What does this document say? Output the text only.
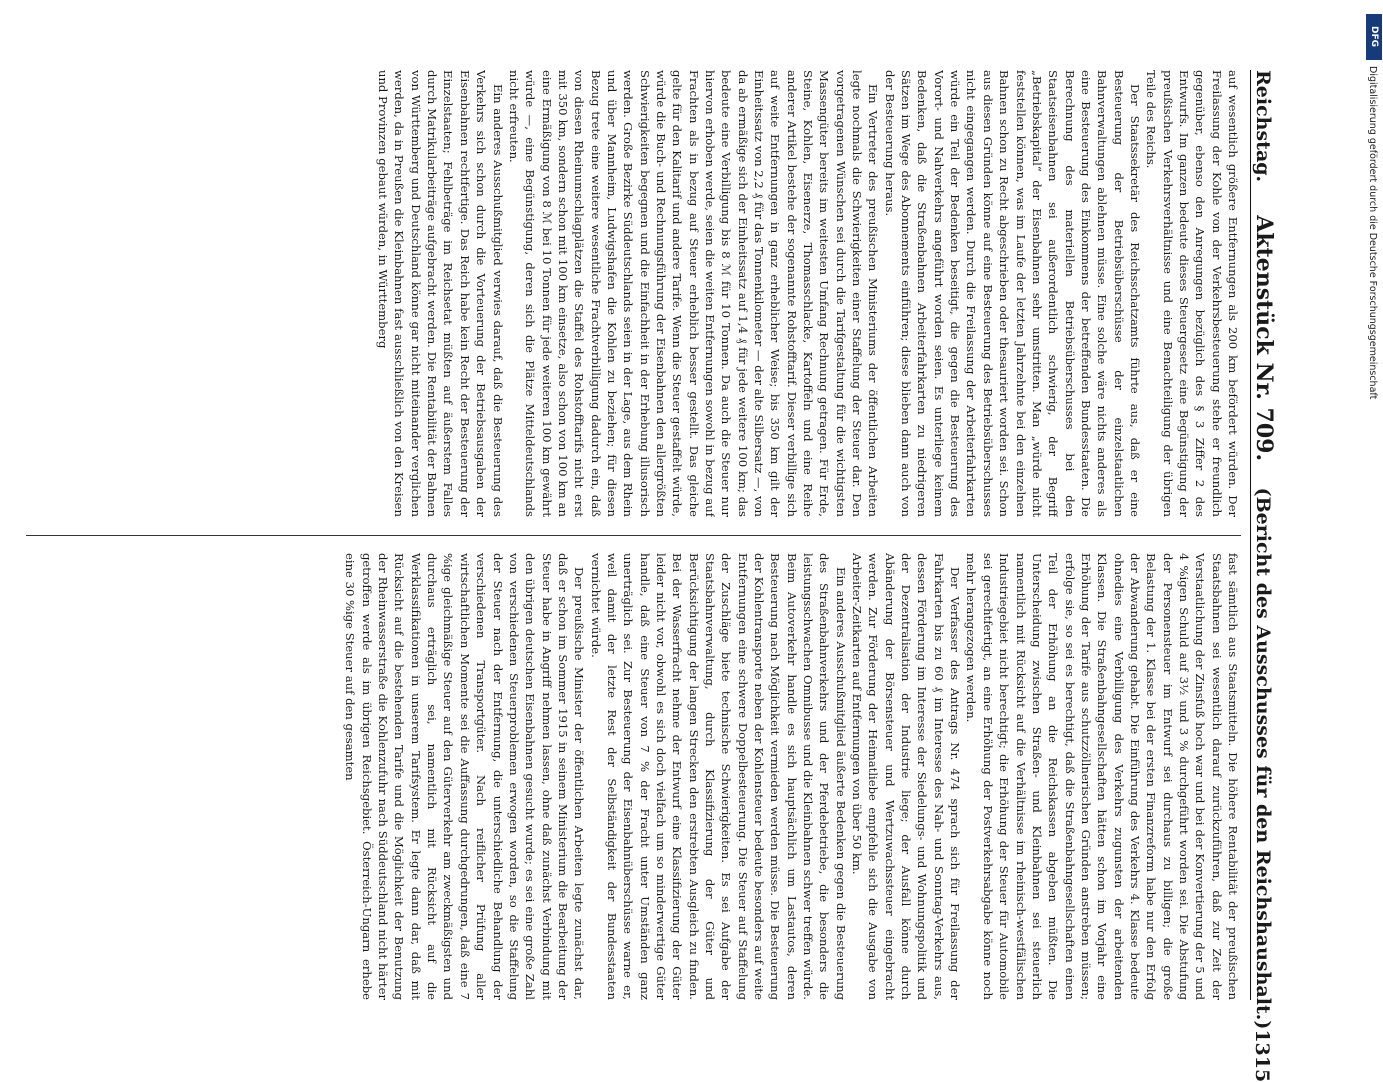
Reichstag.     Aktenstück Nr. 709.    (Bericht des Ausschusses für den Reichshaushalt.)
1315

auf wesentlich größere Entfernungen als 200 km befördert würden. Der Freilassung der Kohle von der Verkehrsbesteuerung stehe er freundlich gegenüber, ebenso den Anregungen bezüglich des § 3 Ziffer 2 des Entwurfs. Im ganzen bedeute dieses Steuergesetz eine Begünstigung der preußischen Verkehrsverhältnisse und eine Benachteiligung der übrigen Teile des Reichs.

Der Staatssekretär des Reichsschatzamts führte aus, daß er eine Besteuerung der Betriebsüberschüsse der einzelstaatlichen Bahnverwaltungen ablehnen müsse. Eine solche wäre nichts anderes als eine Besteuerung des Einkommens der betreffenden Bundesstaaten. Die Berechnung des materiellen Betriebsüberschusses bei den Staatseisenbahnen sei außerordentlich schwierig, der Begriff „Betriebskapital“ der Eisenbahnen sehr umstritten. Man „würde nicht feststellen können, was im Laufe der letzten Jahrzehnte bei den einzelnen Bahnen schon zu Recht abgeschrieben oder thesauriert worden sei. Schon aus diesen Gründen könne auf eine Besteuerung des Betriebsüberschusses nicht eingegangen werden. Durch die Freilassung der Arbeiterfahrkarten würde ein Teil der Bedenken beseitigt, die gegen die Besteuerung des Vorort- und Nahverkehrs angeführt worden seien. Es unterliege keinem Bedenken, daß die Straßenbahnen Arbeiterfahrkarten zu niedrigeren Sätzen im Wege des Abonnements einführen; diese blieben dann auch von der Besteuerung heraus.

Ein Vertreter des preußischen Ministeriums der öffentlichen Arbeiten legte nochmals die Schwierigkeiten einer Staffelung der Steuer dar. Den vorgetragenen Wünschen sei durch die Tarifgestaltung für die wichtigsten Massengüter bereits im weitesten Umfang Rechnung getragen. Für Erde, Steine, Kohlen, Eisenerze, Thomasschlacke, Kartoffeln und eine Reihe anderer Artikel bestehe der sogenannte Rohstofftarif. Dieser verbillige sich auf weite Entfernungen in ganz erheblicher Weise; bis 350 km gilt der Einheitssatz von 2,2 ₰ für das Tonnenkilometer — der alte Silbersatz —, von da ab ermäßige sich der Einheitssatz auf 1,4 ₰ für jede weitere 100 km; das bedeute eine Verbilligung bis 8 ℳ für 10 Tonnen. Da auch die Steuer nur hiervon erhoben werde, seien die weiten Entfernungen sowohl in bezug auf Frachten als in bezug auf Steuer erheblich besser gestellt. Das gleiche gelte für den Kalitarif und andere Tarife. Wenn die Steuer gestaffelt würde, würde die Buch- und Rechnungsführung der Eisenbahnen den allergrößten Schwierigkeiten begegnen und die Einfachheit in der Erhebung illusorisch werden. Große Bezirke Süddeutschlands seien in der Lage, aus dem Rhein und über Mannheim, Ludwigshafen die Kohlen zu beziehen; für diesen Bezug trete eine weitere wesentliche Frachtverbilligung dadurch ein, daß von diesen Rheinumschlagplätzen die Staffel des Rohstofftarifs nicht erst mit 350 km, sondern schon mit 100 km einsetze, also schon von 100 km an eine Ermäßigung von 8 ℳ bei 10 Tonnen für jede weiteren 100 km gewährt würde —, eine Begünstigung, deren sich die Plätze Mitteldeutschlands nicht erfreuten.

Ein anderes Ausschußmitglied verwies darauf, daß die Besteuerung des Verkehrs sich schon durch die Vorteuerung der Betriebsausgaben der Eisenbahnen rechtfertige. Das Reich habe kein Recht der Besteuerung der Einzelstaaten; Fehlbeträge im Reichsetat müßten auf äußerstem Falles durch Matrikularbeiträge aufgebracht werden. Die Rentabilität der Bahnen von Württemberg und Deutschland könne gar nicht miteinander verglichen werden, da in Preußen die Kleinbahnen fast ausschließlich von den Kreisen und Provinzen gebaut würden, in Württemberg

fast sämtlich aus Staatsmitteln. Die höhere Rentabilität der preußischen Staatsbahnen sei wesentlich darauf zurückzuführen, daß zur Zeit der Verstaatlichung der Zinsfuß hoch war und bei der Konvertierung der 5 und 4 %igen Schuld auf 3½ und 3 % durchgeführt worden sei. Die Abstufung der Personensteuer im Entwurf sei durchaus zu billigen; die große Belastung der 1. Klasse bei der ersten Finanzreform habe nur den Erfolg der Abwanderung gehabt. Die Einführung des Verkehrs 4. Klasse bedeute ohnedies eine Verbilligung des Verkehrs zugunsten der arbeitenden Klassen. Die Straßenbahngesellschaften hätten schon im Vorjahr eine Erhöhung der Tarife aus schutzzöllnerischen Gründen anstreben müssen; erfolge sie, so sei es berechtigt, daß die Straßenbahngesellschaften einen Teil der Erhöhung an die Reichskassen abgeben müßten. Die Unterscheidung zwischen Straßen- und Kleinbahnen sei steuerlich namentlich mit Rücksicht auf die Verhältnisse im rheinisch-westfälischen Industriegebiet nicht berechtigt; die Erhöhung der Steuer für Automobile sei gerechtfertigt, an eine Erhöhung der Postverkehrsabgabe könne noch mehr herangezogen werden.

Der Verfasser des Antrags Nr. 474 sprach sich für Freilassung der Fahrkarten bis zu 60 ₰ im Interesse des Nah- und Sonntag-Verkehrs aus, dessen Förderung im Interesse der Siedelungs- und Wohnungspolitik und der Dezentralisation der Industrie liege; der Ausfall könne durch Abänderung der Börsensteuer und Wertzuwachssteuer eingebracht werden. Zur Förderung der Heimatliebe empfehle sich die Ausgabe von Arbeiter-Zeitkarten auf Entfernungen von über 50 km.

Ein anderes Ausschußmitglied äußerte Bedenken gegen die Besteuerung des Straßenbahnverkehrs und der Pferdebetriebe, die besonders die leistungsschwachen Omnibusse und die Kleinbahnen schwer treffen würde. Beim Autoverkehr handle es sich hauptsächlich um Lastautos, deren Besteuerung nach Möglichkeit vermieden werden müsse. Die Besteuerung der Kohlentransporte neben der Kohlensteuer bedeute besonders auf weite Entfernungen eine schwere Doppelbesteuerung. Die Steuer auf Staffelung der Zuschläge biete technische Schwierigkeiten. Es sei Aufgabe der Staatsbahnverwaltung, durch Klassifizierung der Güter und Berücksichtigung der langen Strecken den erstrebten Ausgleich zu finden. Bei der Wasserfracht nehme der Entwurf eine Klassifizierung der Güter leider nicht vor, obwohl es sich doch vielfach um so minderwertige Güter handle, daß eine Steuer von 7 % der Fracht unter Umständen ganz unerträglich sei. Zur Besteuerung der Eisenbahnüberschüsse warne er, weil damit der letzte Rest der Selbständigkeit der Bundesstaaten vernichtet würde.

Der preußische Minister der öffentlichen Arbeiten legte zunächst dar, daß er schon im Sommer 1915 in seinem Ministerium die Bearbeitung der Steuer habe in Angriff nehmen lassen, ohne daß zunächst Verbindung mit den übrigen deutschen Eisenbahnen gesucht wurde; es sei eine große Zahl von verschiedenen Steuerproblemen erwogen worden, so die Staffelung der Steuer nach der Entfernung, die unterschiedliche Behandlung der verschiedenen Transportgüter. Nach reiflicher Prüfung aller wirtschaftlichen Momente sei die Auffassung durchgedrungen, daß eine 7 %ige gleichmäßige Steuer auf den Güterverkehr am zweckmäßigsten und durchaus erträglich sei, namentlich mit Rücksicht auf die Werklassifikationen in unserem Tarifsystem. Er legte dann dar, daß mit Rücksicht auf die bestehenden Tarife und die Möglichkeit der Benutzung der Rheinwasserstraße die Kohlenzufuhr nach Süddeutschland nicht härter getroffen werde als im übrigen Reichsgebiet. Österreich-Ungarn erhebe eine 30 %ige Steuer auf den gesamten

DFG
Digitalisierung gefördert durch die Deutsche Forschungsgemeinschaft
